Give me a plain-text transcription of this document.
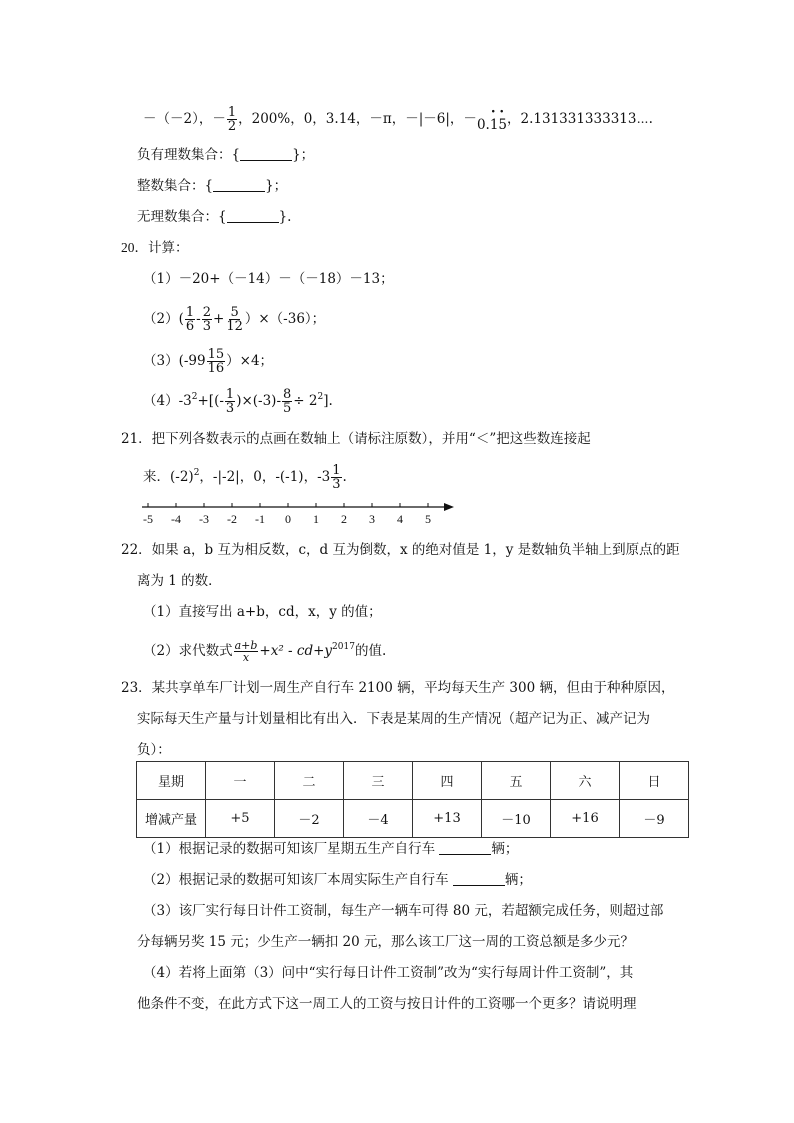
－（－2），－ $\frac{1}{2}$ ，200%，0，3.14，－π，－|－6|，－0.· 1· 5，2.131331333313⋯.
负有理数集合：{	}；
整数集合：{	}；
无理数集合：{	}.
20．计算：
（1）－20+（－14）－（－18）－13；
$(2)( \frac{1}{6} - \frac{2}{3} + \frac{5}{12} )\times(-36)$；
$(3)(-99 \frac{15}{16} )\times 4$；
$(4)-3^2+[(- \frac{1}{3} )\times(-3)- \frac{8}{5} \div 2^2]$.
21．把下列各数表示的点画在数轴上（请标注原数），并用“＜”把这些数连接起
来．$(-2)^2$，-|-2|，0，-(-1)，$-3 \frac{1}{3}$ .
-5 -4 -3 -2 -1 0 1 2 3 4 5
22．如果 a，b 互为相反数，c，d 互为倒数，x 的绝对值是 1，y 是数轴负半轴上到原点的距
离为 1 的数．
（1）直接写出 a+b，cd，x，y 的值；
（2）求代数式 $\frac{a+b}{x} +x^2 - cd+y^{2017}$的值.
23．某共享单车厂计划一周生产自行车 2100 辆，平均每天生产 300 辆，但由于种种原因，
实际每天生产量与计划量相比有出入．下表是某周的生产情况（超产记为正、减产记为
负）：
星期	一	二	三	四	五	六	日
增减产量	+5	－2	－4	+13	－10	+16	－9
（1）根据记录的数据可知该厂星期五生产自行车	辆；
（2）根据记录的数据可知该厂本周实际生产自行车	辆；
（3）该厂实行每日计件工资制，每生产一辆车可得 80 元，若超额完成任务，则超过部
分每辆另奖 15 元；少生产一辆扣 20 元，那么该工厂这一周的工资总额是多少元？
（4）若将上面第（3）问中“实行每日计件工资制”改为“实行每周计件工资制”，其
他条件不变，在此方式下这一周工人的工资与按日计件的工资哪一个更多？请说明理
